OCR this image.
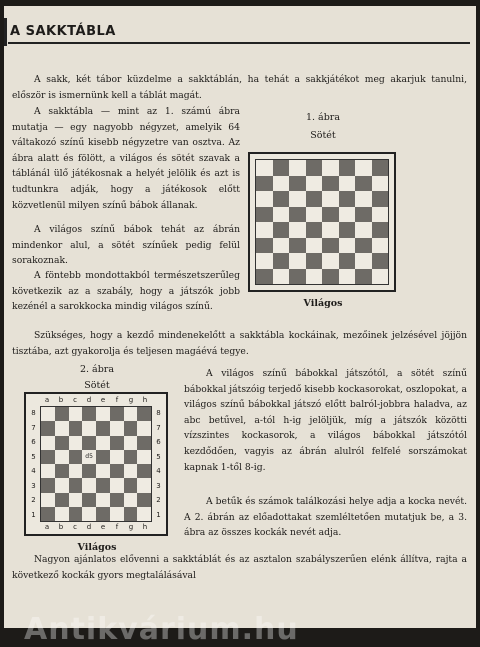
A SAKKTÁBLA

A sakk, két tábor küzdelme a sakktáblán, ha tehát a sakkjátékot meg akarjuk tanulni, először is ismernünk kell a táblát magát.

A sakktábla — mint az 1. számú ábra mutatja — egy nagyobb négyzet, amelyik 64 váltakozó színű kisebb négyzetre van osztva. Az ábra alatt és fölött, a világos és sötét szavak a táblánál ülő játékosnak a helyét jelölik és azt is tudtunkra adják, hogy a játékosok előtt közvetlenül milyen színű bábok állanak.

A világos színű bábok tehát az ábrán mindenkor alul, a sötét színűek pedig felül sorakoznak.

A föntebb mondottakból természetszerűleg következik az a szabály, hogy a játszók jobb kezénél a sarokkocka mindig világos színű.

Szükséges, hogy a kezdő mindenekelőtt a sakktábla kockáinak, mezőinek jelzésével jöjjön tisztába, azt gyakorolja és teljesen magáévá tegye.

A világos színű bábokkal játszótól, a sötét színű bábokkal játszóig terjedő kisebb kockasorokat, oszlopokat, a világos színű bábokkal játszó előtt balról-jobbra haladva, az abc betűvel, a-tól h-ig jelöljük, míg a játszók közötti vízszintes kockasorok, a világos bábokkal játszótól kezdődően, vagyis az ábrán alulról felfelé sorszámokat kapnak 1-től 8-ig.

A betűk és számok találkozási helye adja a kocka nevét. A 2. ábrán az előadottakat szemléltetően mutatjuk be, a 3. ábra az összes kockák nevét adja.

Nagyon ajánlatos elővenni a sakktáblát és az asztalon szabályszerűen elénk állítva, rajta a következő kockák gyors megtalálásával

1. ábra
Sötét
Világos
2. ábra
Sötét
d5
a
a
b
b
c
c
d
d
e
e
f
f
g
g
h
h
8	8
7	7
6	6
5	5
4	4
3	3
2	2
1	1
Világos
Antikvárium.hu
